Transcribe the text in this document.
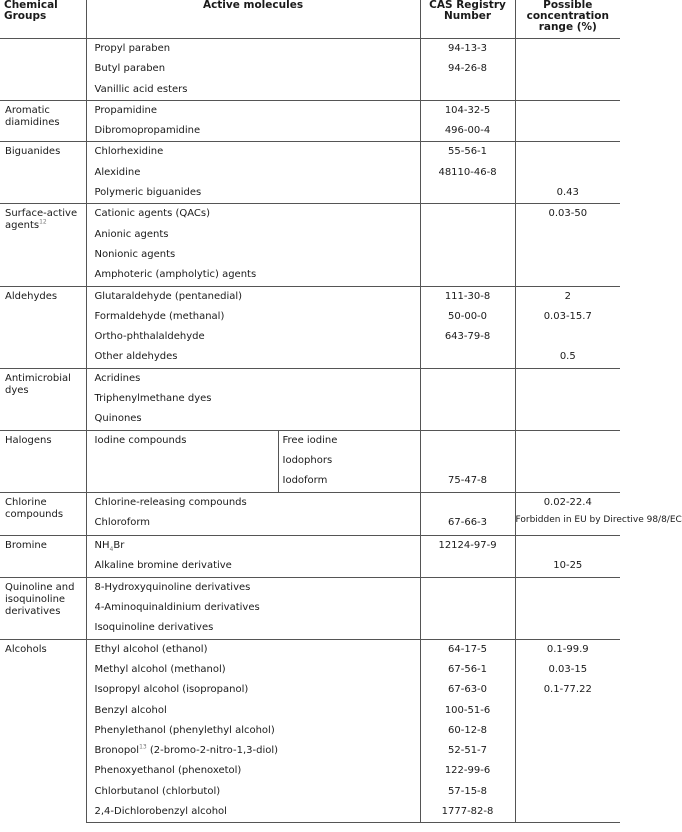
Chemical Groups	Active molecules		CAS Registry Number	Possible concentration range (%)
	Propyl paraben		94-13-3	
	Butyl paraben		94-26-8	
	Vanillic acid esters			
Aromatic diamidines	Propamidine		104-32-5	
	Dibromopropamidine		496-00-4	
Biguanides	Chlorhexidine		55-56-1	
	Alexidine		48110-46-8	
	Polymeric biguanides			0.43
Surface-active agents$^{12}$	Cationic agents (QACs)			0.03-50
	Anionic agents			
	Nonionic agents			
	Amphoteric (ampholytic) agents			
Aldehydes	Glutaraldehyde (pentanedial)		111-30-8	2
	Formaldehyde (methanal)		50-00-0	0.03-15.7
	Ortho-phthalaldehyde		643-79-8	
	Other aldehydes			0.5
Antimicrobial dyes	Acridines			
	Triphenylmethane dyes			
	Quinones			
Halogens	Iodine compounds	Free iodine		
		Iodophors		
		Iodoform	75-47-8	
Chlorine compounds	Chlorine-releasing compounds			0.02-22.4
	Chloroform		67-66-3	Forbidden in EU by Directive 98/8/EC
Bromine	$NH_4Br$		12124-97-9	
	Alkaline bromine derivative			10-25
Quinoline and isoquinoline derivatives	8-Hydroxyquinoline derivatives			
	4-Aminoquinaldinium derivatives			
	Isoquinoline derivatives			
Alcohols	Ethyl alcohol (ethanol)		64-17-5	0.1-99.9
	Methyl alcohol (methanol)		67-56-1	0.03-15
	Isopropyl alcohol (isopropanol)		67-63-0	0.1-77.22
	Benzyl alcohol		100-51-6	
	Phenylethanol (phenylethyl alcohol)		60-12-8	
	Bronopol$^{13}$ (2-bromo-2-nitro-1,3-diol)		52-51-7	
	Phenoxyethanol (phenoxetol)		122-99-6	
	Chlorbutanol (chlorbutol)		57-15-8	
	2,4-Dichlorobenzyl alcohol		1777-82-8	
